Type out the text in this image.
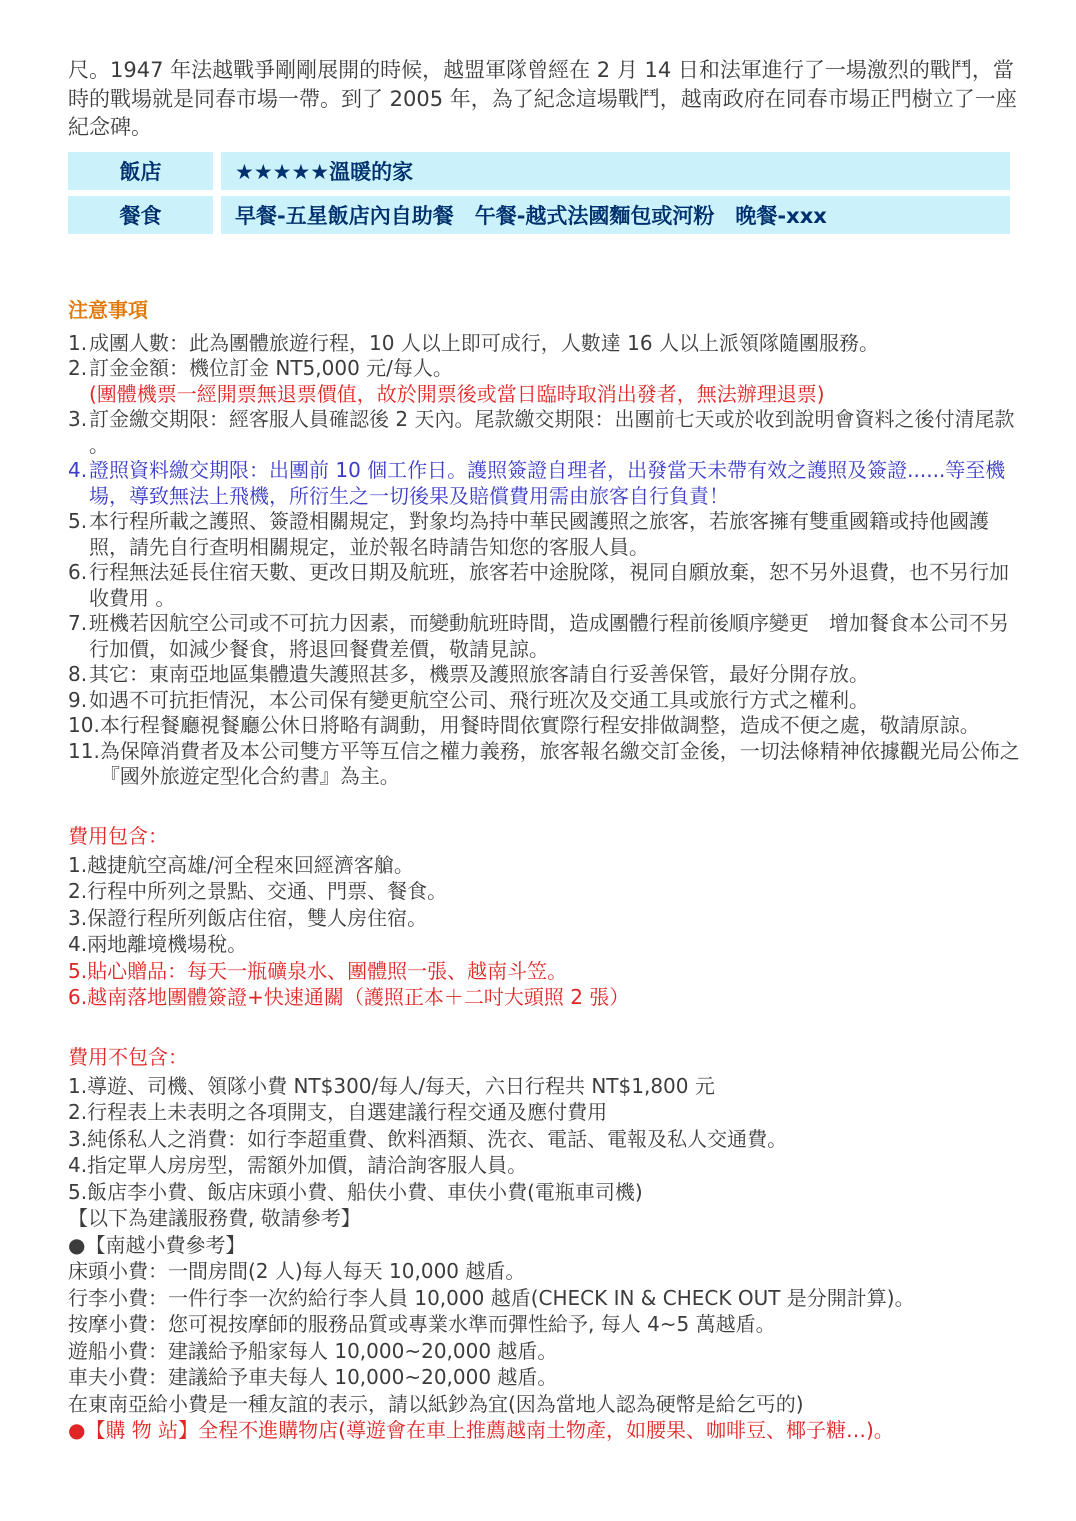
尺。1947 年法越戰爭剛剛展開的時候，越盟軍隊曾經在 2 月 14 日和法軍進行了一場激烈的戰鬥，當時的戰場就是同春市場一帶。到了 2005 年，為了紀念這場戰鬥，越南政府在同春市場正門樹立了一座紀念碑。

飯店	★★★★★溫暖的家
餐食	早餐-五星飯店內自助餐　午餐-越式法國麵包或河粉　晚餐-xxx
注意事項
1. 成團人數：此為團體旅遊行程，10 人以上即可成行，人數達 16 人以上派領隊隨團服務。
2. 訂金金額：機位訂金 NT5,000 元/每人。
(團體機票一經開票無退票價值，故於開票後或當日臨時取消出發者，無法辦理退票)
3. 訂金繳交期限：經客服人員確認後 2 天內。尾款繳交期限：出團前七天或於收到說明會資料之後付清尾款 。
4. 證照資料繳交期限：出團前 10 個工作日。護照簽證自理者，出發當天未帶有效之護照及簽證......等至機場，導致無法上飛機，所衍生之一切後果及賠償費用需由旅客自行負責！
5. 本行程所載之護照、簽證相關規定，對象均為持中華民國護照之旅客，若旅客擁有雙重國籍或持他國護照，請先自行查明相關規定，並於報名時請告知您的客服人員。
6. 行程無法延長住宿天數、更改日期及航班，旅客若中途脫隊，視同自願放棄，恕不另外退費，也不另行加收費用 。
7. 班機若因航空公司或不可抗力因素，而變動航班時間，造成團體行程前後順序變更　增加餐食本公司不另行加價，如減少餐食，將退回餐費差價，敬請見諒。
8. 其它：東南亞地區集體遺失護照甚多，機票及護照旅客請自行妥善保管，最好分開存放。
9. 如遇不可抗拒情況，本公司保有變更航空公司、飛行班次及交通工具或旅行方式之權利。
10. 本行程餐廳視餐廳公休日將略有調動，用餐時間依實際行程安排做調整，造成不便之處，敬請原諒。
11. 為保障消費者及本公司雙方平等互信之權力義務，旅客報名繳交訂金後，一切法條精神依據觀光局公佈之『國外旅遊定型化合約書』為主。
費用包含：
1.越捷航空高雄/河全程來回經濟客艙。
2.行程中所列之景點、交通、門票、餐食。
3.保證行程所列飯店住宿，雙人房住宿。
4.兩地離境機場稅。
5.貼心贈品：每天一瓶礦泉水、團體照一張、越南斗笠。
6.越南落地團體簽證+快速通關（護照正本＋二吋大頭照 2 張）
費用不包含：
1.導遊、司機、領隊小費 NT$300/每人/每天，六日行程共 NT$1,800 元
2.行程表上未表明之各項開支，自選建議行程交通及應付費用
3.純係私人之消費：如行李超重費、飲料酒類、洗衣、電話、電報及私人交通費。
4.指定單人房房型，需額外加價，請洽詢客服人員。
5.飯店李小費、飯店床頭小費、船伕小費、車伕小費(電瓶車司機)
【以下為建議服務費, 敬請參考】
●【南越小費參考】
床頭小費：一間房間(2 人)每人每天 10,000 越盾。
行李小費：一件行李一次約給行李人員 10,000 越盾(CHECK IN & CHECK OUT 是分開計算)。
按摩小費：您可視按摩師的服務品質或專業水準而彈性給予, 每人 4~5 萬越盾。
遊船小費：建議給予船家每人 10,000~20,000 越盾。
車夫小費：建議給予車夫每人 10,000~20,000 越盾。
在東南亞給小費是一種友誼的表示，請以紙鈔為宜(因為當地人認為硬幣是給乞丐的)
●【購 物 站】全程不進購物店(導遊會在車上推薦越南土物產，如腰果、咖啡豆、椰子糖…)。
